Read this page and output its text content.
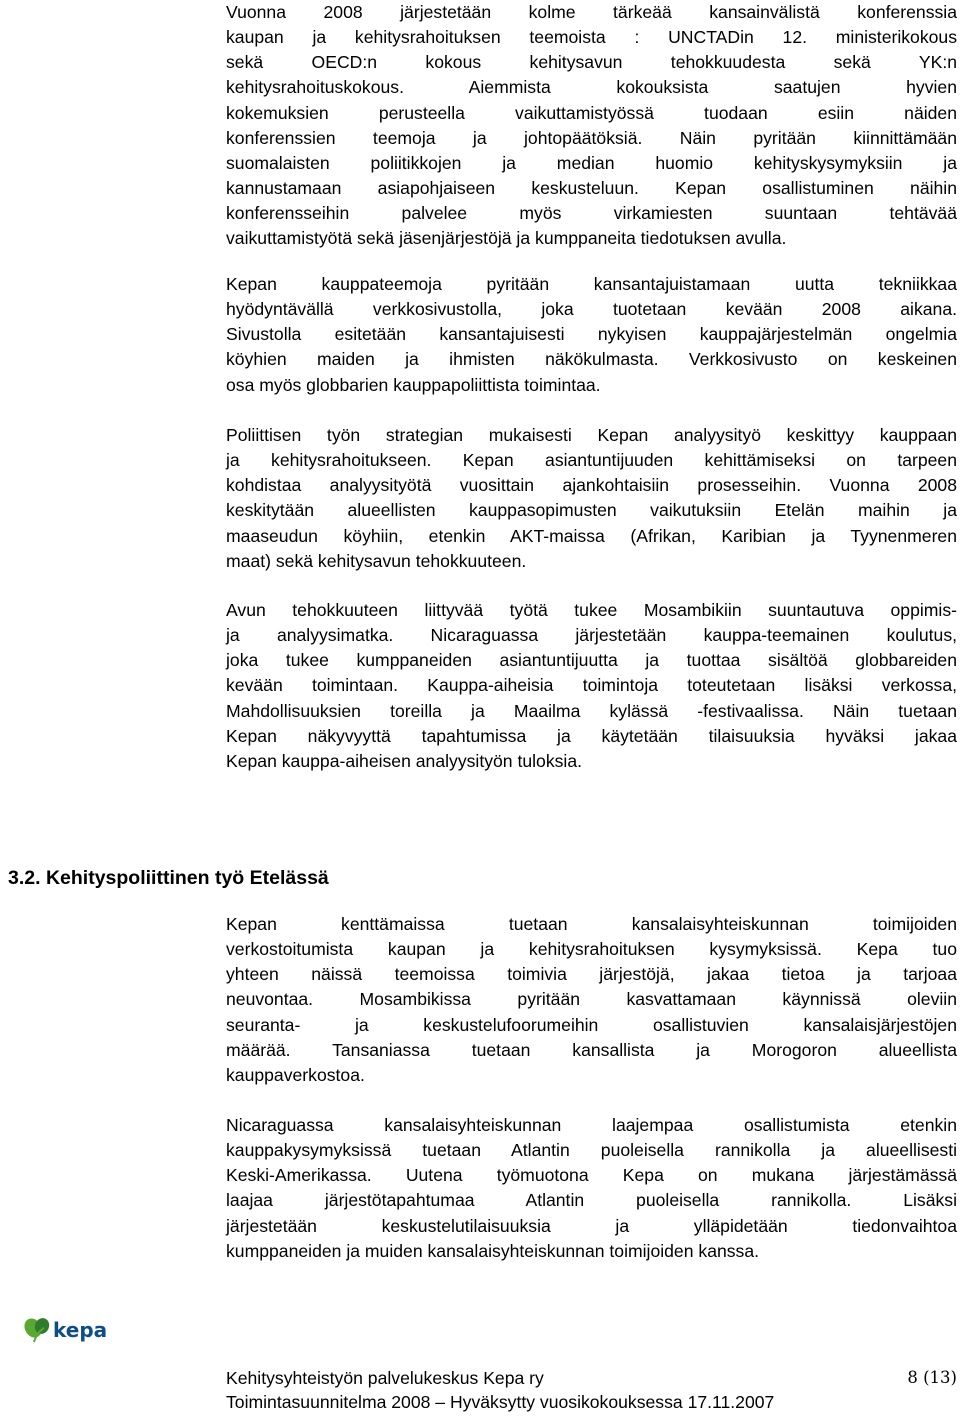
Vuonna 2008 järjestetään kolme tärkeää kansainvälistä konferenssia
kaupan ja kehitysrahoituksen teemoista : UNCTADin 12. ministerikokous
sekä OECD:n kokous kehitysavun tehokkuudesta sekä YK:n
kehitysrahoituskokous. Aiemmista kokouksista saatujen hyvien
kokemuksien perusteella vaikuttamistyössä tuodaan esiin näiden
konferenssien teemoja ja johtopäätöksiä. Näin pyritään kiinnittämään
suomalaisten poliitikkojen ja median huomio kehityskysymyksiin ja
kannustamaan asiapohjaiseen keskusteluun. Kepan osallistuminen näihin
konferensseihin palvelee myös virkamiesten suuntaan tehtävää
vaikuttamistyötä sekä jäsenjärjestöjä ja kumppaneita tiedotuksen avulla.
Kepan kauppateemoja pyritään kansantajuistamaan uutta tekniikkaa
hyödyntävällä verkkosivustolla, joka tuotetaan kevään 2008 aikana.
Sivustolla esitetään kansantajuisesti nykyisen kauppajärjestelmän ongelmia
köyhien maiden ja ihmisten näkökulmasta. Verkkosivusto on keskeinen
osa myös globbarien kauppapoliittista toimintaa.
Poliittisen työn strategian mukaisesti Kepan analyysityö keskittyy kauppaan
ja kehitysrahoitukseen. Kepan asiantuntijuuden kehittämiseksi on tarpeen
kohdistaa analyysityötä vuosittain ajankohtaisiin prosesseihin. Vuonna 2008
keskitytään alueellisten kauppasopimusten vaikutuksiin Etelän maihin ja
maaseudun köyhiin, etenkin AKT-maissa (Afrikan, Karibian ja Tyynenmeren
maat) sekä kehitysavun tehokkuuteen.
Avun tehokkuuteen liittyvää työtä tukee Mosambikiin suuntautuva oppimis-
ja analyysimatka. Nicaraguassa järjestetään kauppa-teemainen koulutus,
joka tukee kumppaneiden asiantuntijuutta ja tuottaa sisältöä globbareiden
kevään toimintaan. Kauppa-aiheisia toimintoja toteutetaan lisäksi verkossa,
Mahdollisuuksien toreilla ja Maailma kylässä -festivaalissa. Näin tuetaan
Kepan näkyvyyttä tapahtumissa ja käytetään tilaisuuksia hyväksi jakaa
Kepan kauppa-aiheisen analyysityön tuloksia.
Kepan kenttämaissa tuetaan kansalaisyhteiskunnan toimijoiden
verkostoitumista kaupan ja kehitysrahoituksen kysymyksissä. Kepa tuo
yhteen näissä teemoissa toimivia järjestöjä, jakaa tietoa ja tarjoaa
neuvontaa. Mosambikissa pyritään kasvattamaan käynnissä oleviin
seuranta- ja keskustelufoorumeihin osallistuvien kansalaisjärjestöjen
määrää. Tansaniassa tuetaan kansallista ja Morogoron alueellista
kauppaverkostoa.
Nicaraguassa kansalaisyhteiskunnan laajempaa osallistumista etenkin
kauppakysymyksissä tuetaan Atlantin puoleisella rannikolla ja alueellisesti
Keski-Amerikassa. Uutena työmuotona Kepa on mukana järjestämässä
laajaa järjestötapahtumaa Atlantin puoleisella rannikolla. Lisäksi
järjestetään keskustelutilaisuuksia ja ylläpidetään tiedonvaihtoa
kumppaneiden ja muiden kansalaisyhteiskunnan toimijoiden kanssa.
3.2. Kehityspoliittinen työ Etelässä
kepa
Kehitysyhteistyön palvelukeskus Kepa ry
Toimintasuunnitelma 2008 – Hyväksytty vuosikokouksessa 17.11.2007
8 (13)
